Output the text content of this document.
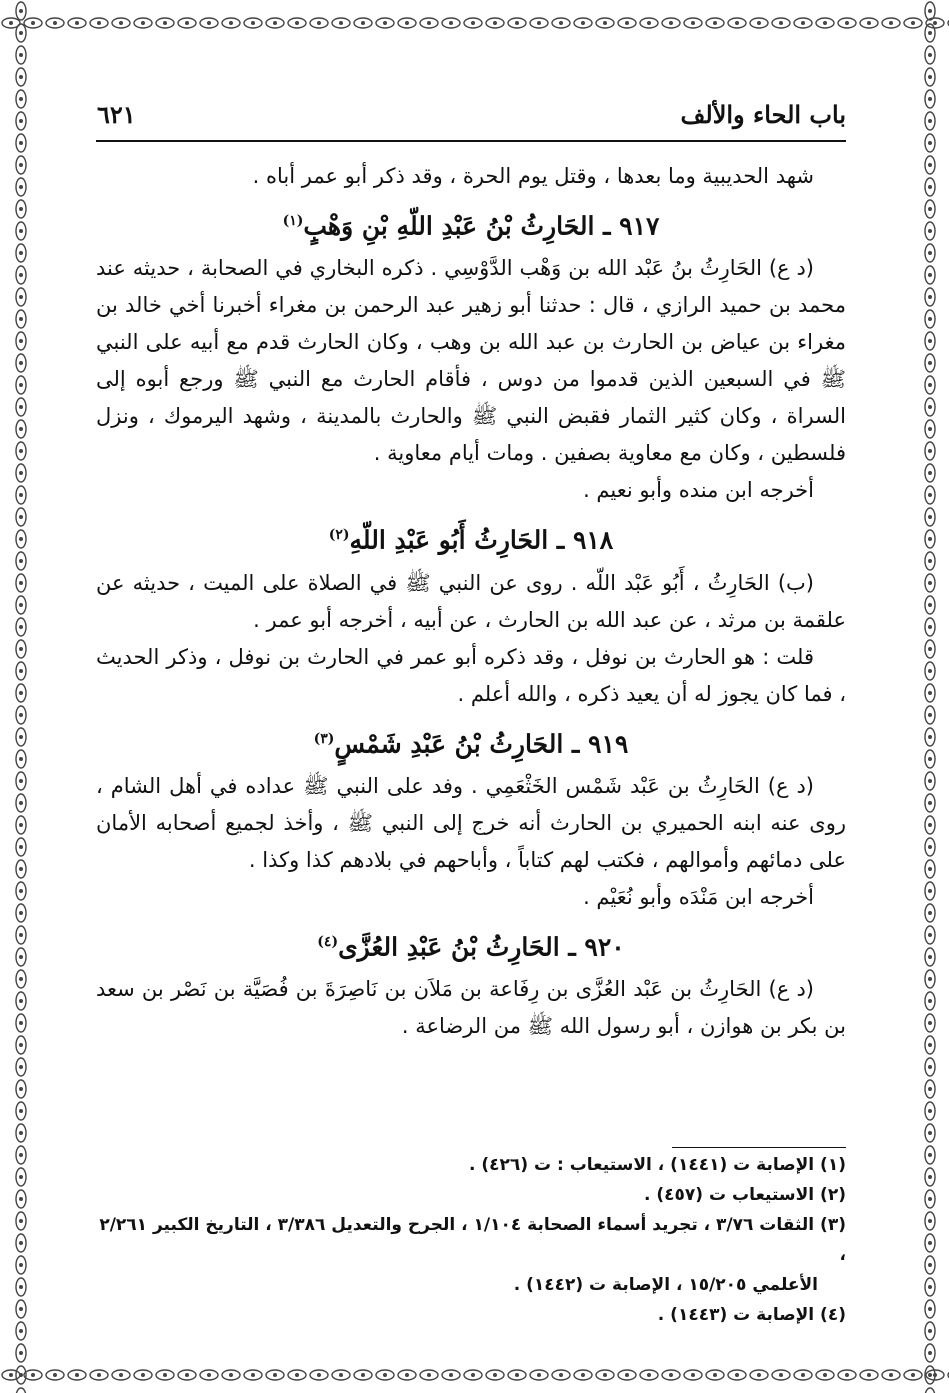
باب الحاء والألف
٦٢١

شهد الحديبية وما بعدها ، وقتل يوم الحرة ، وقد ذكر أبو عمر أباه .

٩١٧ ـ الحَارِثُ بْنُ عَبْدِ اللّهِ بْنِ وَهْبٍ$^{(١)}$

(د ع) الحَارِثُ بنُ عَبْد الله بن وَهْب الدَّوْسِي . ذكره البخاري في الصحابة ، حديثه عند محمد بن حميد الرازي ، قال : حدثنا أبو زهير عبد الرحمن بن مغراء أخبرنا أخي خالد بن مغراء بن عياض بن الحارث بن عبد الله بن وهب ، وكان الحارث قدم مع أبيه على النبي ﷺ في السبعين الذين قدموا من دوس ، فأقام الحارث مع النبي ﷺ ورجع أبوه إلى السراة ، وكان كثير الثمار فقبض النبي ﷺ والحارث بالمدينة ، وشهد اليرموك ، ونزل فلسطين ، وكان مع معاوية بصفين . ومات أيام معاوية .

أخرجه ابن منده وأبو نعيم .

٩١٨ ـ الحَارِثُ أَبُو عَبْدِ اللّهِ$^{(٢)}$

(ب) الحَارِثُ ، أَبُو عَبْد اللّه . روى عن النبي ﷺ في الصلاة على الميت ، حديثه عن علقمة بن مرثد ، عن عبد الله بن الحارث ، عن أبيه ، أخرجه أبو عمر .

قلت : هو الحارث بن نوفل ، وقد ذكره أبو عمر في الحارث بن نوفل ، وذكر الحديث ، فما كان يجوز له أن يعيد ذكره ، والله أعلم .

٩١٩ ـ الحَارِثُ بْنُ عَبْدِ شَمْسٍ$^{(٣)}$

(د ع) الحَارِثُ بن عَبْد شَمْس الخَثْعَمِي . وفد على النبي ﷺ عداده في أهل الشام ، روى عنه ابنه الحميري بن الحارث أنه خرج إلى النبي ﷺ ، وأخذ لجميع أصحابه الأمان على دمائهم وأموالهم ، فكتب لهم كتاباً ، وأباحهم في بلادهم كذا وكذا .

أخرجه ابن مَنْدَه وأبو نُعَيْم .

٩٢٠ ـ الحَارِثُ بْنُ عَبْدِ العُزَّى$^{(٤)}$

(د ع) الحَارِثُ بن عَبْد العُزَّى بن رِفَاعة بن مَلاَن بن نَاصِرَةَ بن فُصَيَّة بن نَصْر بن سعد بن بكر بن هوازن ، أبو رسول الله ﷺ من الرضاعة .

(١) الإصابة ت (١٤٤١) ، الاستيعاب : ت (٤٢٦) .
(٢) الاستيعاب ت (٤٥٧) .
(٣) الثقات ٣/٧٦ ، تجريد أسماء الصحابة ١/١٠٤ ، الجرح والتعديل ٣/٣٨٦ ، التاريخ الكبير ٢/٢٦١ ،
الأعلمي ١٥/٢٠٥ ، الإصابة ت (١٤٤٢) .
(٤) الإصابة ت (١٤٤٣) .
